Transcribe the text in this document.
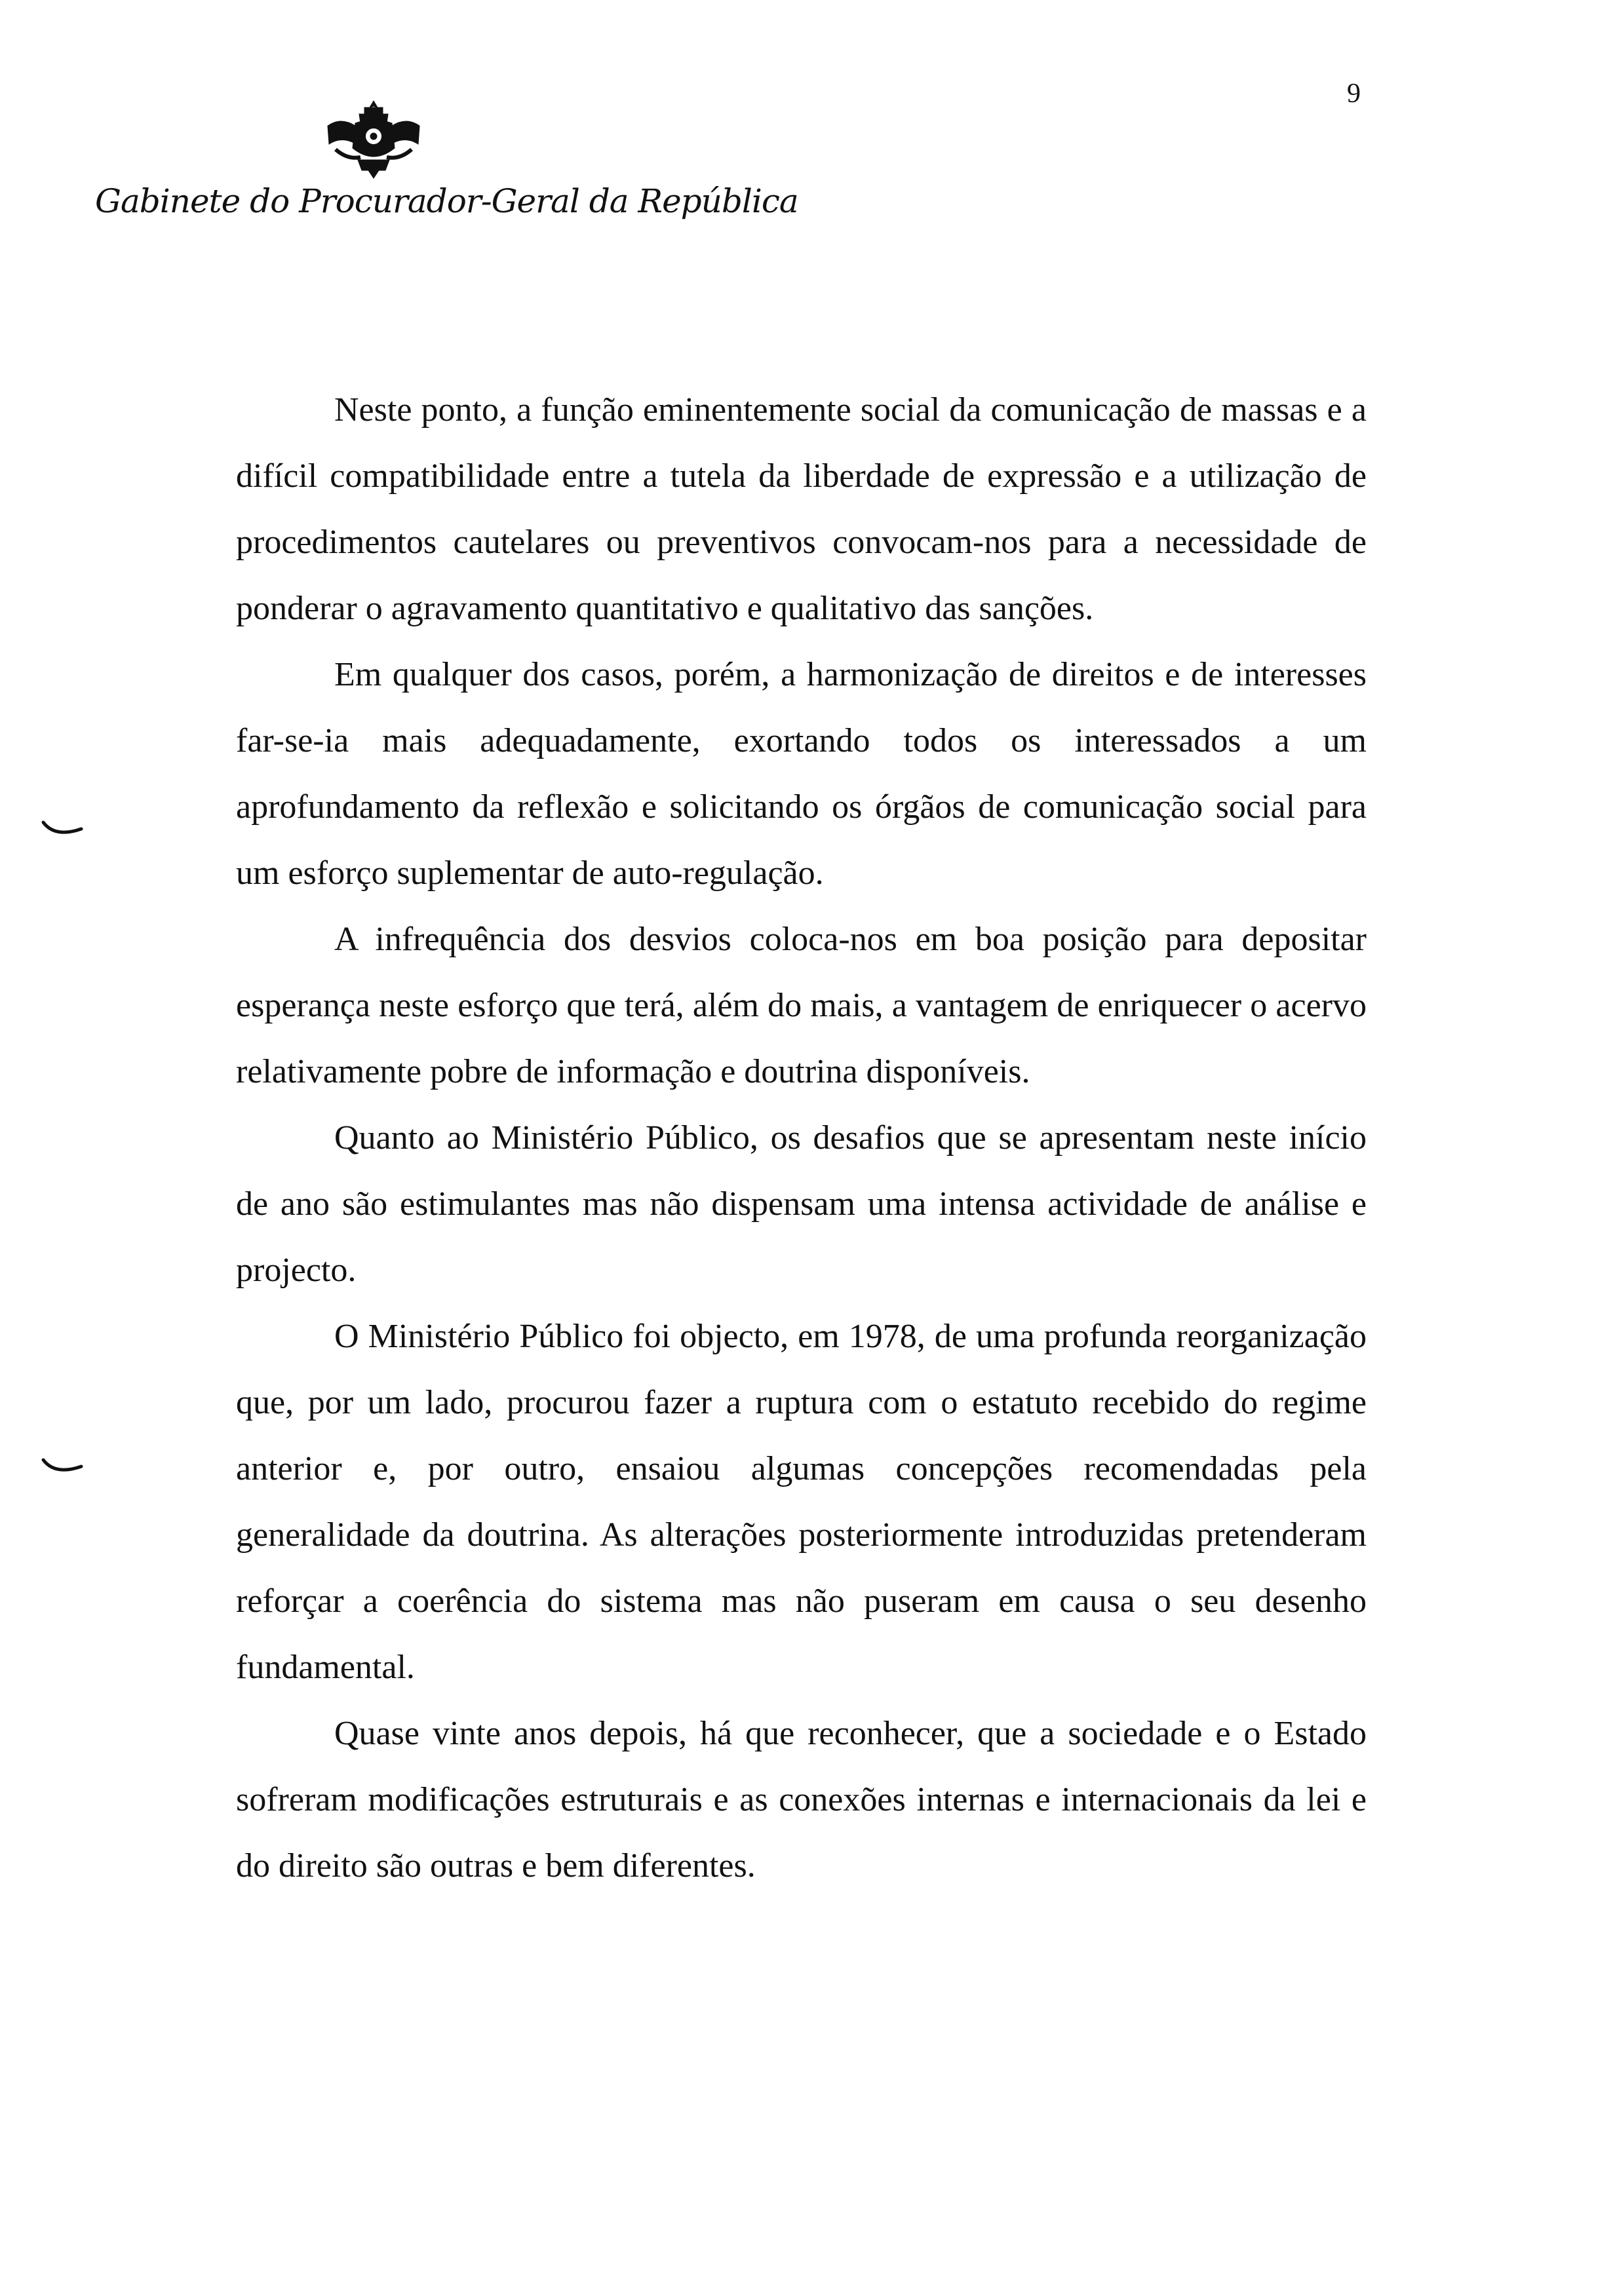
9
Gabinete do Procurador-Geral da República

Neste ponto, a função eminentemente social da comunicação de massas e a difícil compatibilidade entre a tutela da liberdade de expressão e a utilização de procedimentos cautelares ou preventivos convocam-nos para a necessidade de ponderar o agravamento quantitativo e qualitativo das sanções.

Em qualquer dos casos, porém, a harmonização de direitos e de interesses far-se-ia mais adequadamente, exortando todos os interessados a um aprofundamento da reflexão e solicitando os órgãos de comunicação social para um esforço suplementar de auto-regulação.

A infrequência dos desvios coloca-nos em boa posição para depositar esperança neste esforço que terá, além do mais, a vantagem de enriquecer o acervo relativamente pobre de informação e doutrina disponíveis.

Quanto ao Ministério Público, os desafios que se apresentam neste início de ano são estimulantes mas não dispensam uma intensa actividade de análise e projecto.

O Ministério Público foi objecto, em 1978, de uma profunda reorganização que, por um lado, procurou fazer a ruptura com o estatuto recebido do regime anterior e, por outro, ensaiou algumas concepções recomendadas pela generalidade da doutrina. As alterações posteriormente introduzidas pretenderam reforçar a coerência do sistema mas não puseram em causa o seu desenho fundamental.

Quase vinte anos depois, há que reconhecer, que a sociedade e o Estado sofreram modificações estruturais e as conexões internas e internacionais da lei e do direito são outras e bem diferentes.
